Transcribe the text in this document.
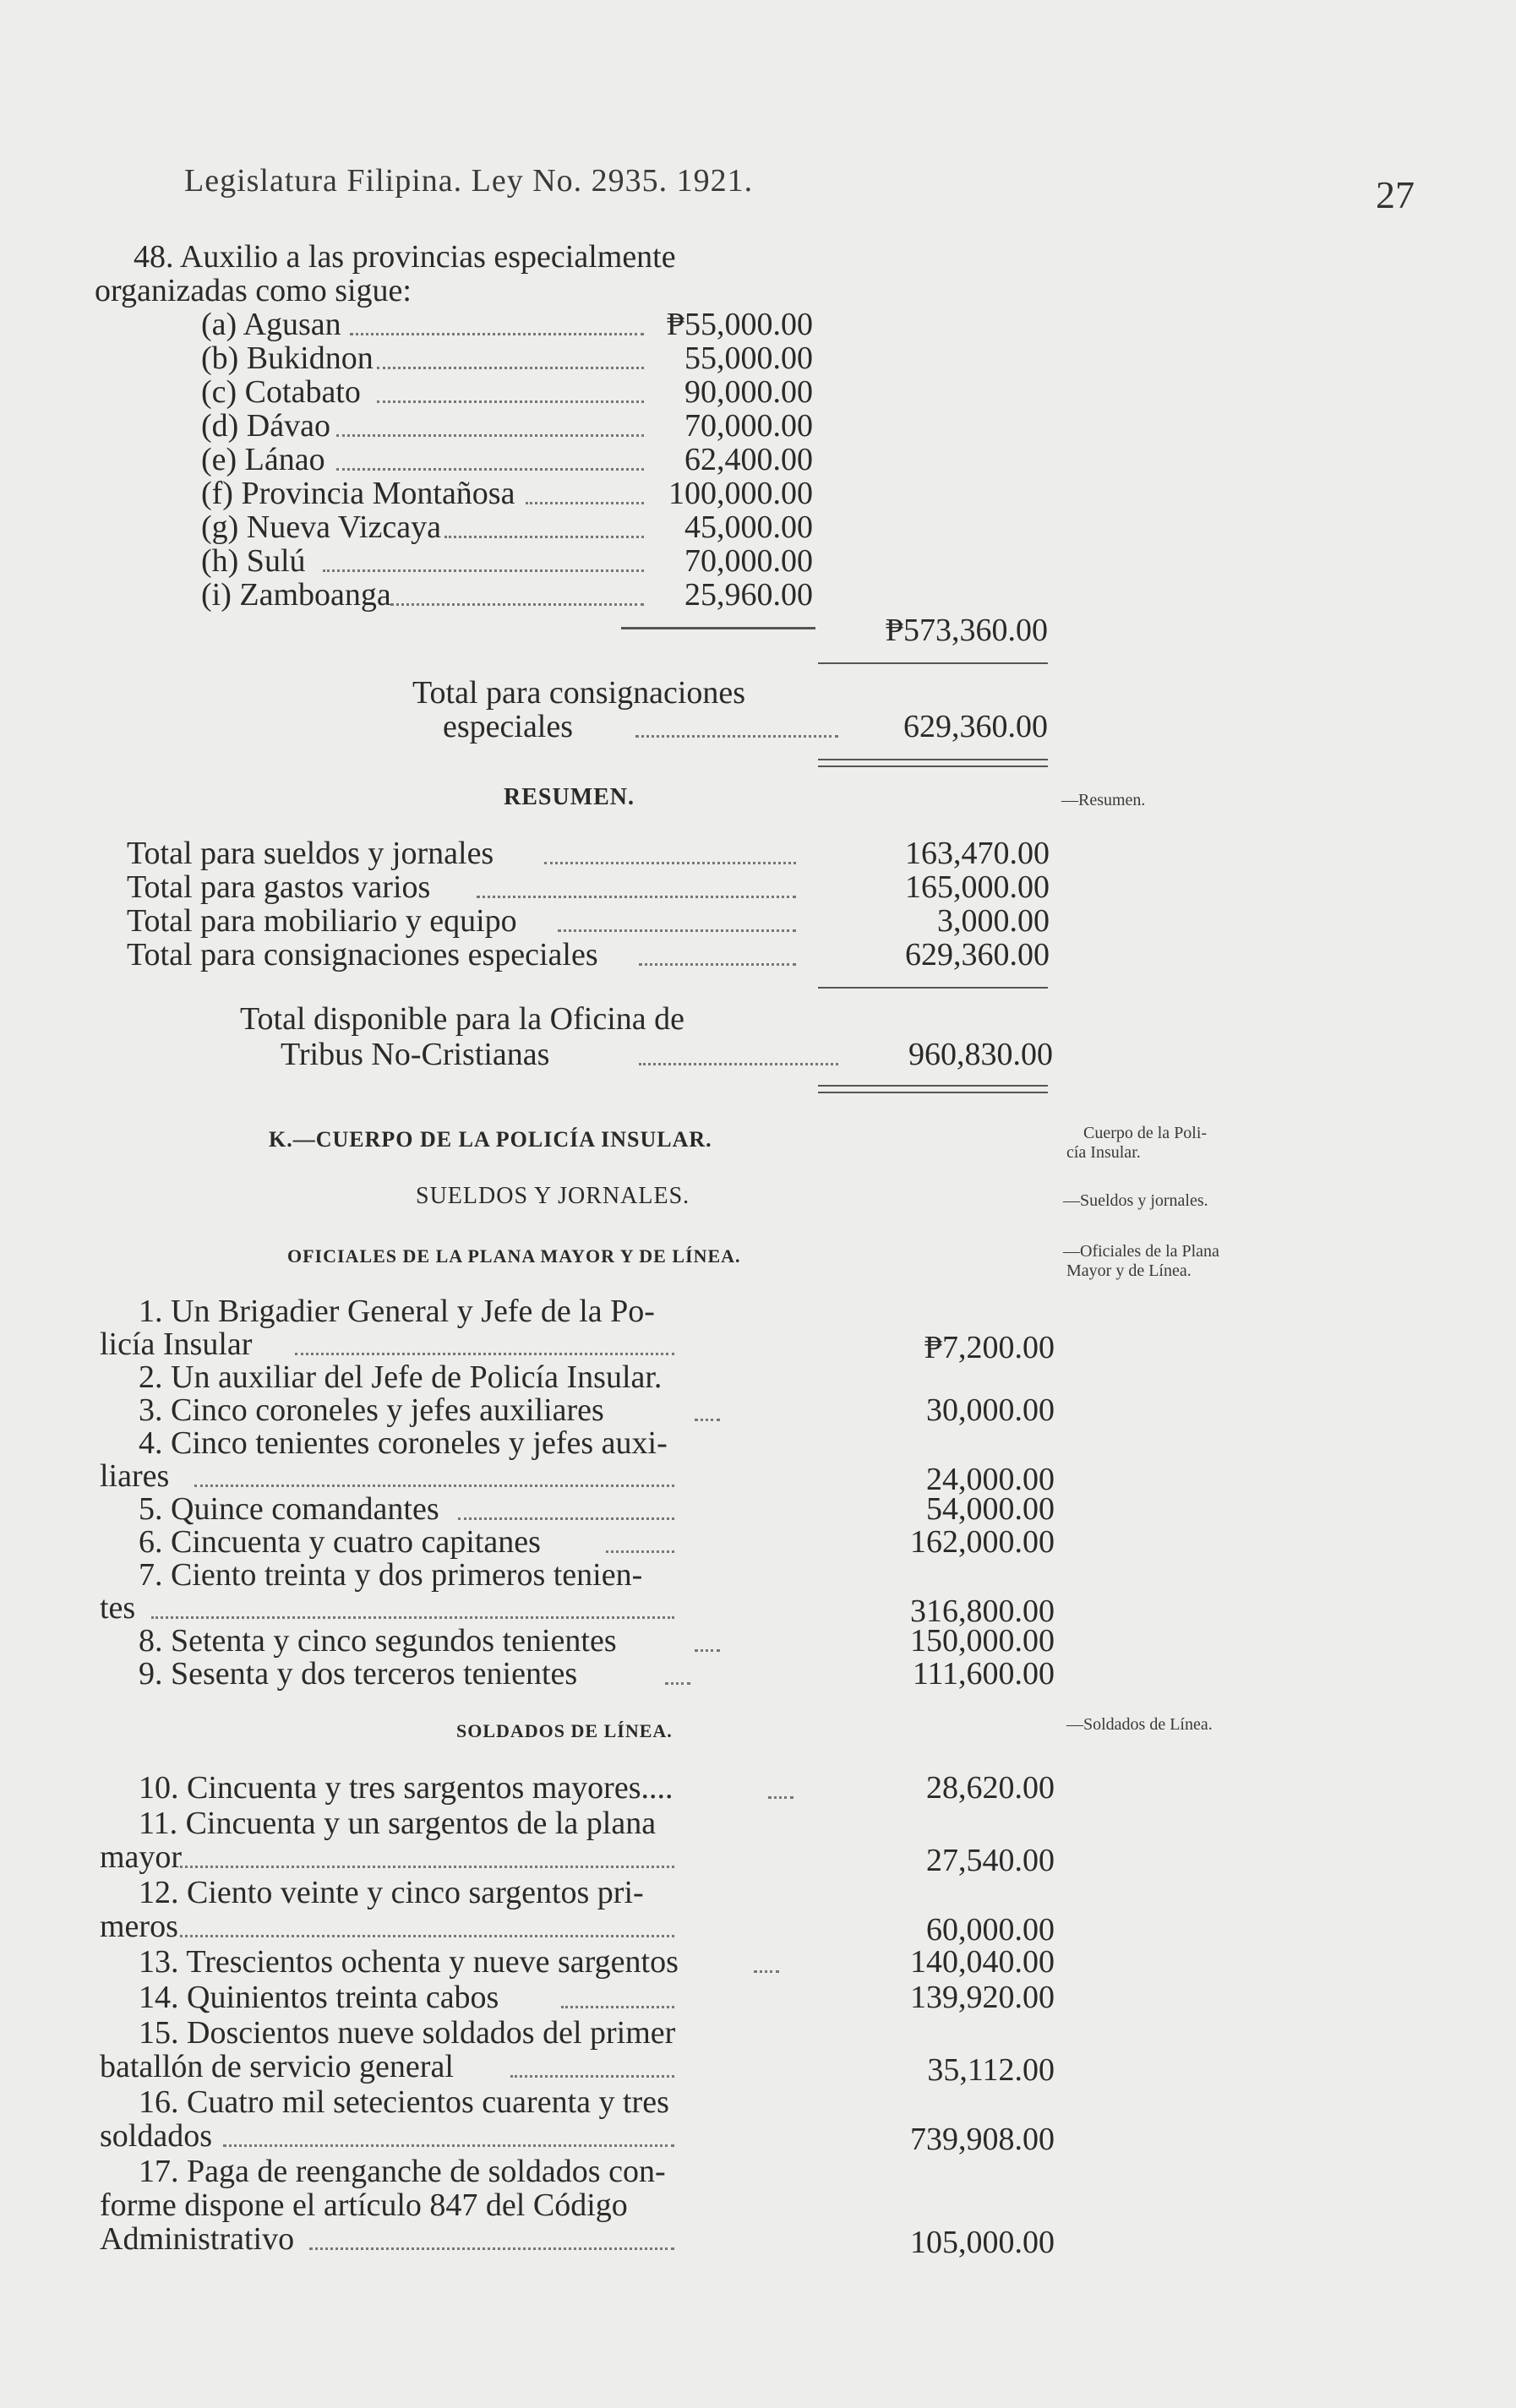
Legislatura Filipina. Ley No. 2935. 1921.	27
48. Auxilio a las provincias especialmente
organizadas como sigue:
(a) Agusan	₱55,000.00
(b) Bukidnon	55,000.00
(c) Cotabato	90,000.00
(d) Dávao	70,000.00
(e) Lánao	62,400.00
(f) Provincia Montañosa	100,000.00
(g) Nueva Vizcaya	45,000.00
(h) Sulú	70,000.00
(i) Zamboanga	25,960.00
₱573,360.00
Total para consignaciones
especiales	629,360.00
RESUMEN.	—Resumen.
Total para sueldos y jornales	163,470.00
Total para gastos varios	165,000.00
Total para mobiliario y equipo	3,000.00
Total para consignaciones especiales	629,360.00
Total disponible para la Oficina de
Tribus No-Cristianas	960,830.00
K.—CUERPO DE LA POLICÍA INSULAR.	Cuerpo de la Poli-
cía Insular.
SUELDOS Y JORNALES.	—Sueldos y jornales.
OFICIALES DE LA PLANA MAYOR Y DE LÍNEA.	—Oficiales de la Plana
Mayor y de Línea.
1. Un Brigadier General y Jefe de la Po-
licía Insular	₱7,200.00
2. Un auxiliar del Jefe de Policía Insular.
3. Cinco coroneles y jefes auxiliares	30,000.00
4. Cinco tenientes coroneles y jefes auxi-
liares	24,000.00
5. Quince comandantes	54,000.00
6. Cincuenta y cuatro capitanes	162,000.00
7. Ciento treinta y dos primeros tenien-
tes	316,800.00
8. Setenta y cinco segundos tenientes	150,000.00
9. Sesenta y dos terceros tenientes	111,600.00
SOLDADOS DE LÍNEA.	—Soldados de Línea.
10. Cincuenta y tres sargentos mayores....	28,620.00
11. Cincuenta y un sargentos de la plana
mayor	27,540.00
12. Ciento veinte y cinco sargentos pri-
meros	60,000.00
13. Trescientos ochenta y nueve sargentos	140,040.00
14. Quinientos treinta cabos	139,920.00
15. Doscientos nueve soldados del primer
batallón de servicio general	35,112.00
16. Cuatro mil setecientos cuarenta y tres
soldados	739,908.00
17. Paga de reenganche de soldados con-
forme dispone el artículo 847 del Código
Administrativo	105,000.00
